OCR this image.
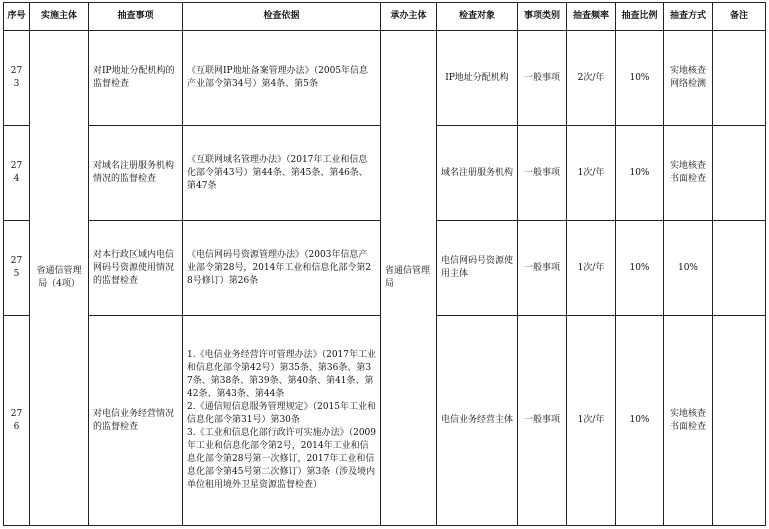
序号	实施主体	抽查事项	检查依据	承办主体	检查对象	事项类别	抽查频率	抽查比例	抽查方式	备注
273	省通信管理局（4项）	对IP地址分配机构的监督检查	《互联网IP地址备案管理办法》（2005年信息产业部令第34号）第4条、第5条	省通信管理局	IP地址分配机构	一般事项	2次/年	10%	实地核查 网络检测	
274		对域名注册服务机构情况的监督检查	《互联网域名管理办法》（2017年工业和信息化部令第43号）第44条、第45条、第46条、第47条		域名注册服务机构	一般事项	1次/年	10%	实地核查 书面检查	
275		对本行政区域内电信网码号资源使用情况的监督检查	《电信网码号资源管理办法》（2003年信息产业部令第28号，2014年工业和信息化部令第28号修订）第26条		电信网码号资源使用主体	一般事项	1次/年	10%	10%	
276		对电信业务经营情况的监督检查	1.《电信业务经营许可管理办法》（2017年工业和信息化部令第42号）第35条、第36条、第37条、第38条、第39条、第40条、第41条、第42条、第43条、第44条
2.《通信短信息服务管理规定》（2015年工业和信息化部令第31号）第30条
3.《工业和信息化部行政许可实施办法》（2009年工业和信息化部令第2号，2014年工业和信息化部令第28号第一次修订，2017年工业和信息化部令第45号第二次修订）第3条（涉及境内单位租用境外卫星资源监督检查）		电信业务经营主体	一般事项	1次/年	10%	实地核查 书面检查	
